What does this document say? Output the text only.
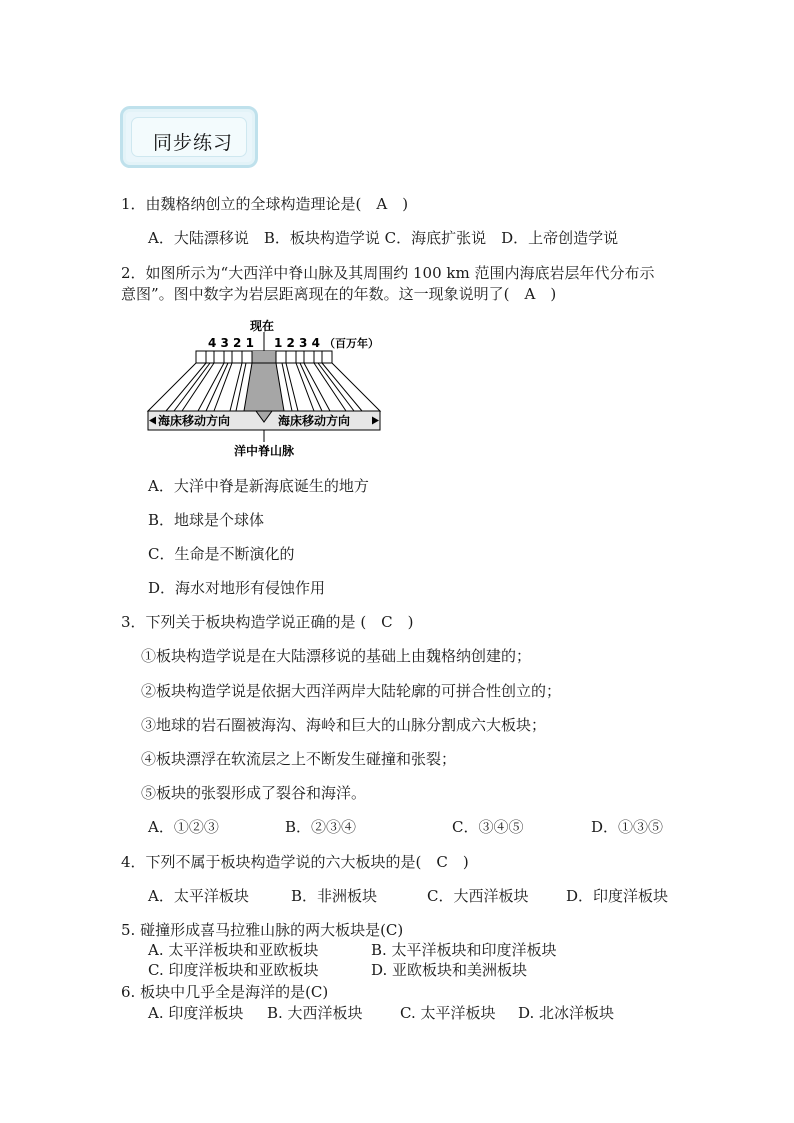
同步练习
1．由魏格纳创立的全球构造理论是(　A　)
A．大陆漂移说　B．板块构造学说 C．海底扩张说　D．上帝创造学说
2．如图所示为“大西洋中脊山脉及其周围约 100 km 范围内海底岩层年代分布示
意图”。图中数字为岩层距离现在的年数。这一现象说明了(　A　)
现在
4 3 2 1 1 2 3 4 （百万年）
海床移动方向	海床移动方向
洋中脊山脉
A．大洋中脊是新海底诞生的地方
B．地球是个球体
C．生命是不断演化的
D．海水对地形有侵蚀作用
3．下列关于板块构造学说正确的是 (　C　)
①板块构造学说是在大陆漂移说的基础上由魏格纳创建的；
②板块构造学说是依据大西洋两岸大陆轮廓的可拼合性创立的；
③地球的岩石圈被海沟、海岭和巨大的山脉分割成六大板块；
④板块漂浮在软流层之上不断发生碰撞和张裂；
⑤板块的张裂形成了裂谷和海洋。
A．①②③	B．②③④	C．③④⑤	D．①③⑤
4．下列不属于板块构造学说的六大板块的是(　C　)
A．太平洋板块	B．非洲板块	C．大西洋板块	D．印度洋板块
5. 碰撞形成喜马拉雅山脉的两大板块是(C)
A. 太平洋板块和亚欧板块	B. 太平洋板块和印度洋板块
C. 印度洋板块和亚欧板块	D. 亚欧板块和美洲板块
6. 板块中几乎全是海洋的是(C)
A. 印度洋板块 B. 大西洋板块 C. 太平洋板块 D. 北冰洋板块
